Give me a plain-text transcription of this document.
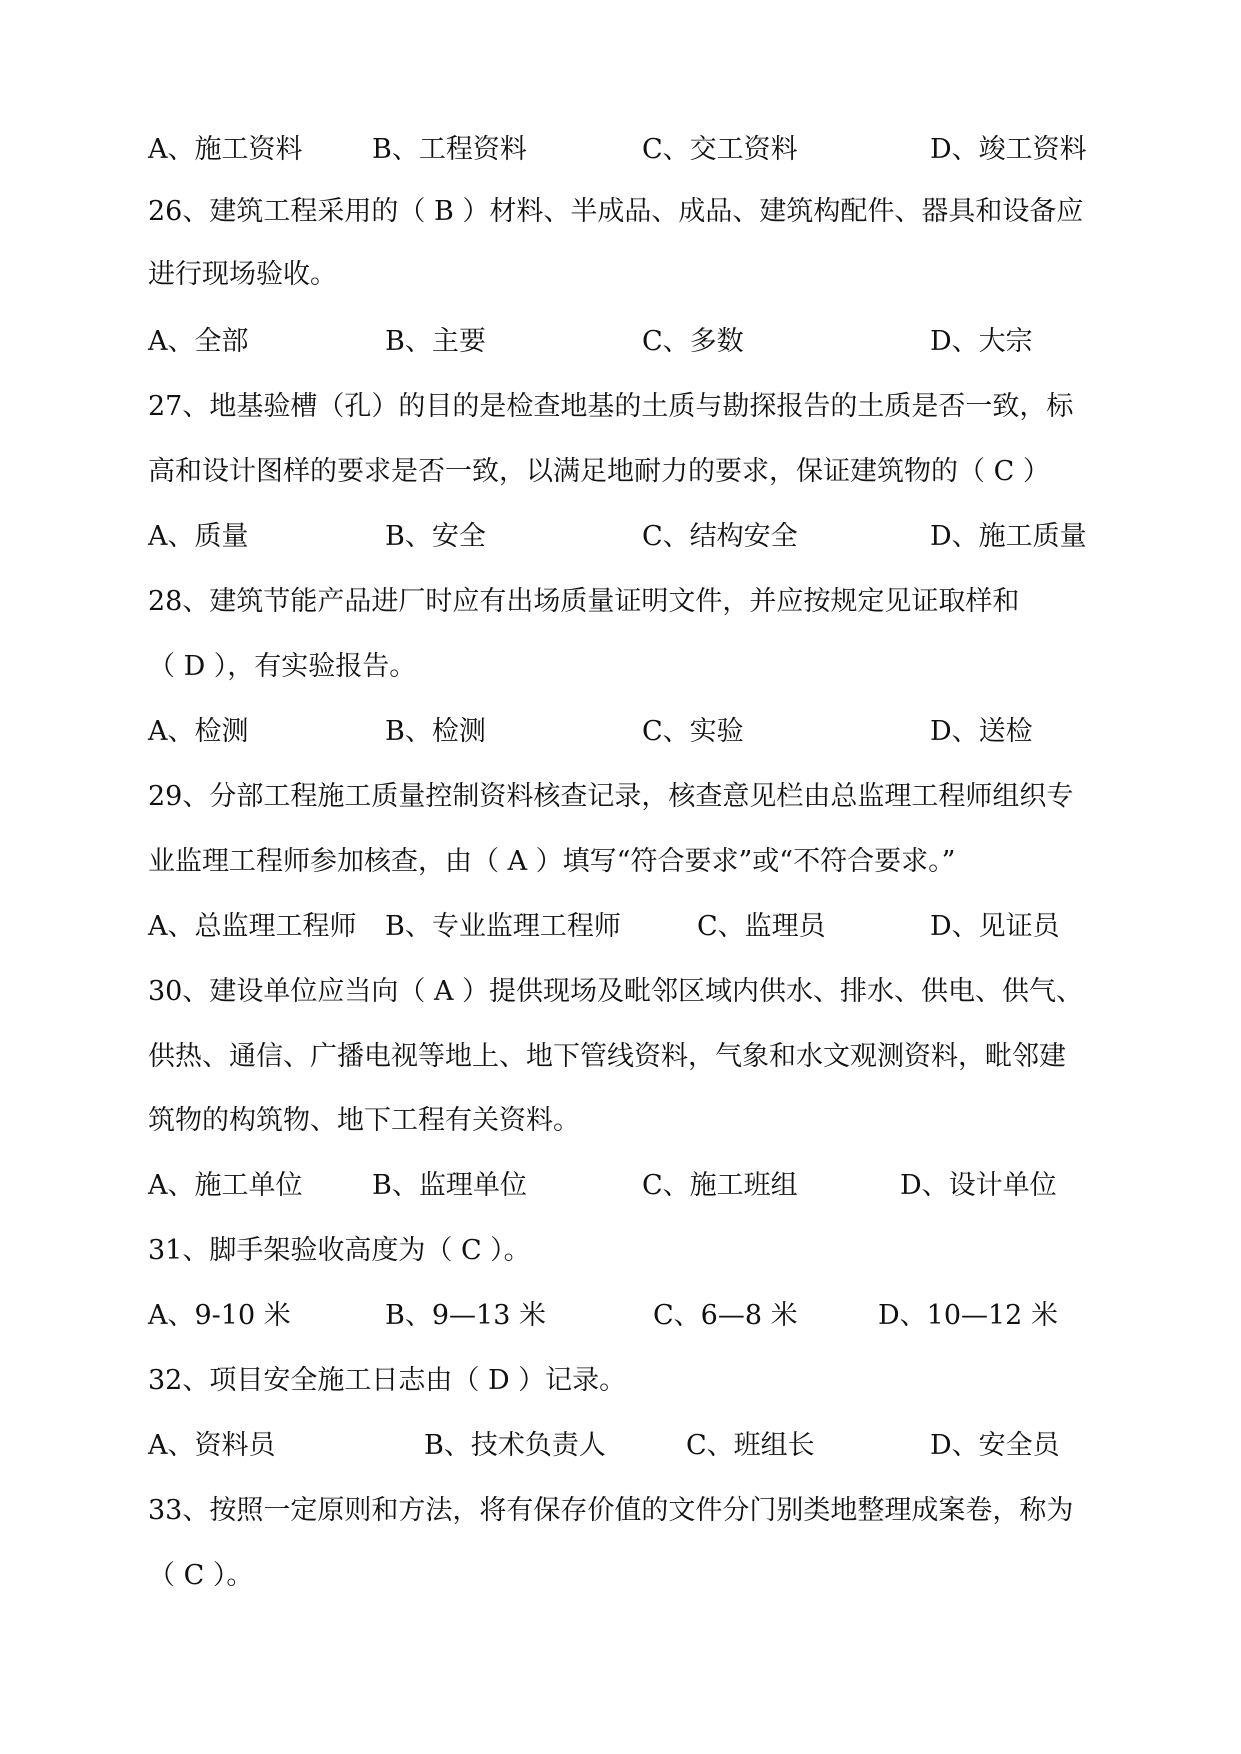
A、施工资料	B、工程资料	C、交工资料	D、竣工资料
26、建筑工程采用的（ B ）材料、半成品、成品、建筑构配件、器具和设备应
进行现场验收。
A、全部	B、主要	C、多数	D、大宗
27、地基验槽（孔）的目的是检查地基的土质与勘探报告的土质是否一致，标
高和设计图样的要求是否一致，以满足地耐力的要求，保证建筑物的（ C ）
A、质量	B、安全	C、结构安全	D、施工质量
28、建筑节能产品进厂时应有出场质量证明文件，并应按规定见证取样和
（ D ），有实验报告。
A、检测	B、检测	C、实验	D、送检
29、分部工程施工质量控制资料核查记录，核查意见栏由总监理工程师组织专
业监理工程师参加核查，由（ A ）填写“符合要求”或“不符合要求。”
A、总监理工程师 B、专业监理工程师	C、监理员	D、见证员
30、建设单位应当向（ A ）提供现场及毗邻区域内供水、排水、供电、供气、
供热、通信、广播电视等地上、地下管线资料，气象和水文观测资料，毗邻建
筑物的构筑物、地下工程有关资料。
A、施工单位	B、监理单位	C、施工班组	D、设计单位
31、脚手架验收高度为（ C ）。
A、9-10 米	B、9—13 米	C、6—8 米	D、10—12 米
32、项目安全施工日志由（ D ）记录。
A、资料员	B、技术负责人	C、班组长	D、安全员
33、按照一定原则和方法，将有保存价值的文件分门别类地整理成案卷，称为
（ C ）。
